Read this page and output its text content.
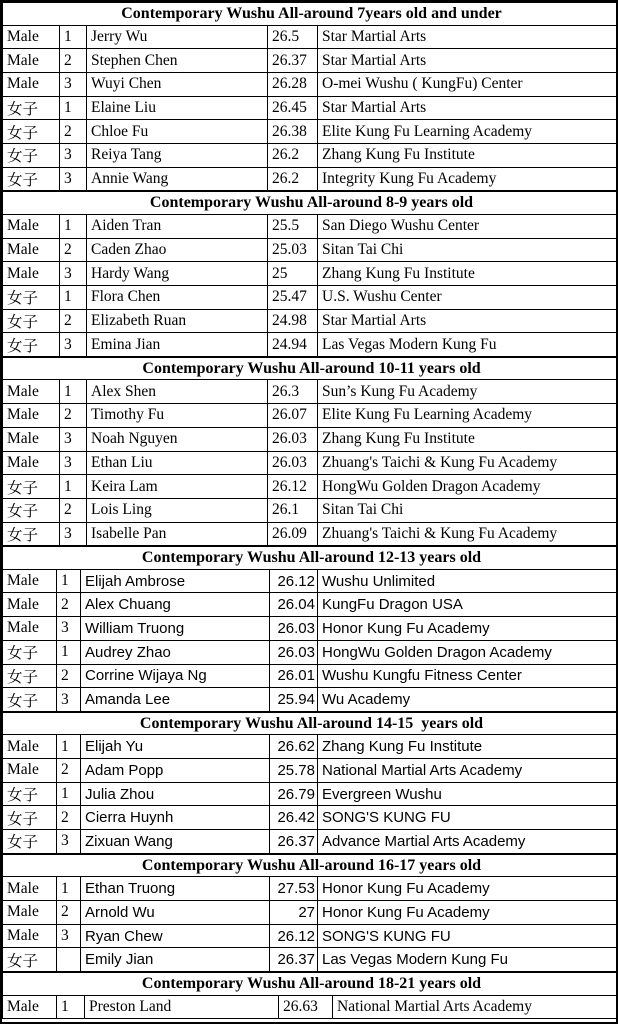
Contemporary Wushu All-around 7years old and under				
Male	1	Jerry Wu	26.5	Star Martial Arts
Male	2	Stephen Chen	26.37	Star Martial Arts
Male	3	Wuyi Chen	26.28	O-mei Wushu ( KungFu) Center
女子	1	Elaine Liu	26.45	Star Martial Arts
女子	2	Chloe Fu	26.38	Elite Kung Fu Learning Academy
女子	3	Reiya Tang	26.2	Zhang Kung Fu Institute
女子	3	Annie Wang	26.2	Integrity Kung Fu Academy
Contemporary Wushu All-around 8-9 years old				
Male	1	Aiden Tran	25.5	San Diego Wushu Center
Male	2	Caden Zhao	25.03	Sitan Tai Chi
Male	3	Hardy Wang	25	Zhang Kung Fu Institute
女子	1	Flora Chen	25.47	U.S. Wushu Center
女子	2	Elizabeth Ruan	24.98	Star Martial Arts
女子	3	Emina Jian	24.94	Las Vegas Modern Kung Fu
Contemporary Wushu All-around 10-11 years old				
Male	1	Alex Shen	26.3	Sun’s Kung Fu Academy
Male	2	Timothy Fu	26.07	Elite Kung Fu Learning Academy
Male	3	Noah Nguyen	26.03	Zhang Kung Fu Institute
Male	3	Ethan Liu	26.03	Zhuang's Taichi & Kung Fu Academy
女子	1	Keira Lam	26.12	HongWu Golden Dragon Academy
女子	2	Lois Ling	26.1	Sitan Tai Chi
女子	3	Isabelle Pan	26.09	Zhuang's Taichi & Kung Fu Academy
Contemporary Wushu All-around 12-13 years old				
Male	1	Elijah Ambrose	26.12	Wushu Unlimited
Male	2	Alex Chuang	26.04	KungFu Dragon USA
Male	3	William Truong	26.03	Honor Kung Fu Academy
女子	1	Audrey Zhao	26.03	HongWu Golden Dragon Academy
女子	2	Corrine Wijaya Ng	26.01	Wushu Kungfu Fitness Center
女子	3	Amanda Lee	25.94	Wu Academy
Contemporary Wushu All-around 14-15  years old				
Male	1	Elijah Yu	26.62	Zhang Kung Fu Institute
Male	2	Adam Popp	25.78	National Martial Arts Academy
女子	1	Julia Zhou	26.79	Evergreen Wushu
女子	2	Cierra Huynh	26.42	SONG'S KUNG FU
女子	3	Zixuan Wang	26.37	Advance Martial Arts Academy
Contemporary Wushu All-around 16-17 years old				
Male	1	Ethan Truong	27.53	Honor Kung Fu Academy
Male	2	Arnold Wu	27	Honor Kung Fu Academy
Male	3	Ryan Chew	26.12	SONG'S KUNG FU
女子		Emily Jian	26.37	Las Vegas Modern Kung Fu
Contemporary Wushu All-around 18-21 years old
Male	1	Preston Land	26.63	National Martial Arts Academy
